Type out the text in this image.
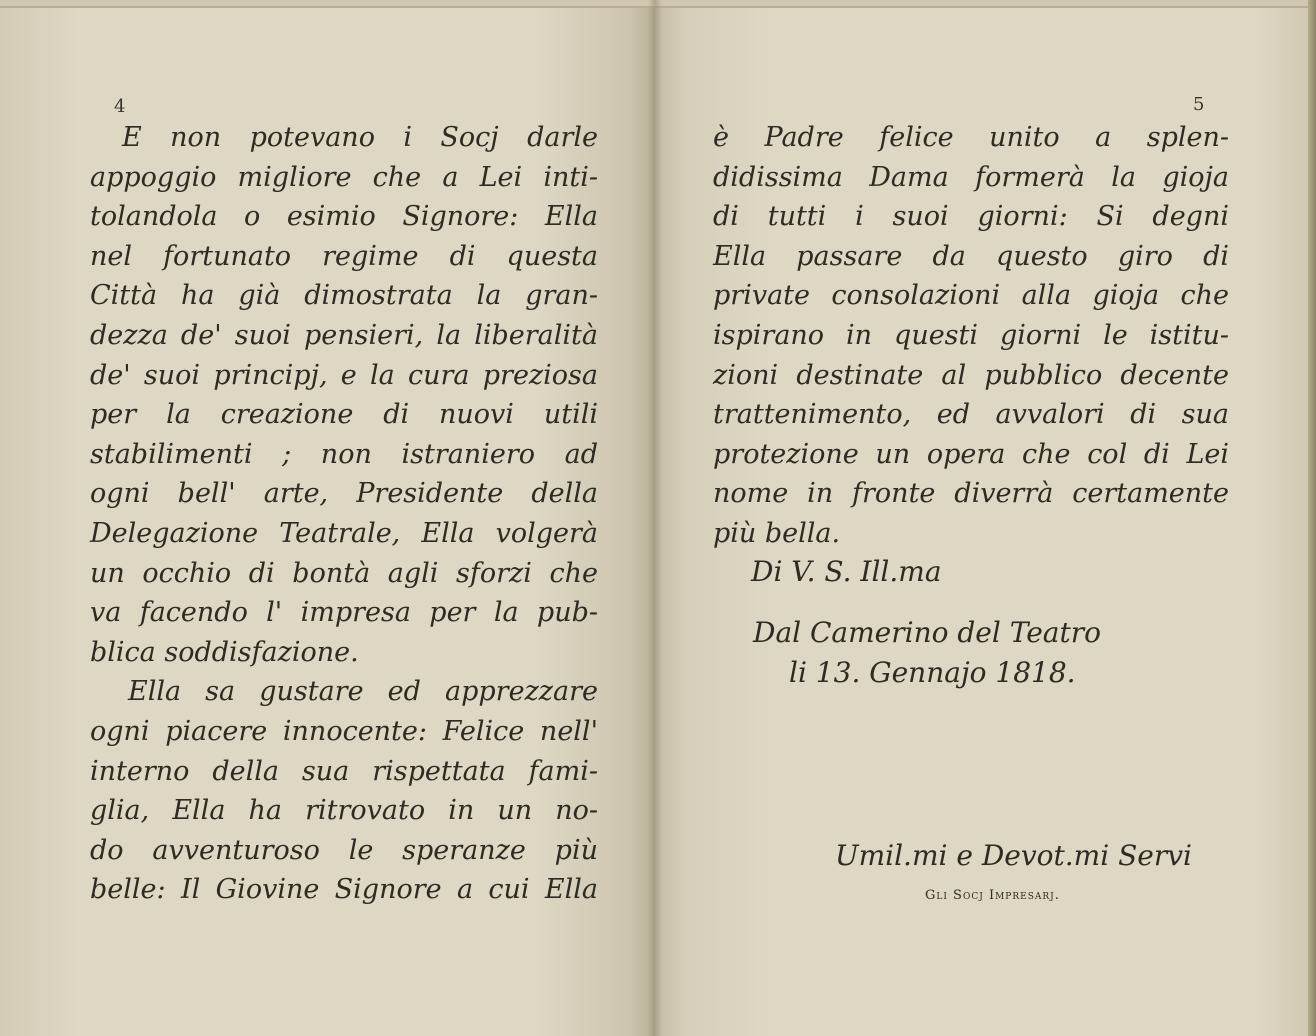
4
E non potevano i Socj darle
appoggio migliore che a Lei inti-
tolandola o esimio Signore: Ella
nel fortunato regime di questa
Città ha già dimostrata la gran-
dezza de' suoi pensieri, la liberalità
de' suoi principj, e la cura preziosa
per la creazione di nuovi utili
stabilimenti ; non istraniero ad
ogni bell' arte, Presidente della
Delegazione Teatrale, Ella volgerà
un occhio di bontà agli sforzi che
va facendo l' impresa per la pub-
blica soddisfazione.
Ella sa gustare ed apprezzare
ogni piacere innocente: Felice nell'
interno della sua rispettata fami-
glia, Ella ha ritrovato in un no-
do avventuroso le speranze più
belle: Il Giovine Signore a cui Ella
5
è Padre felice unito a splen-
didissima Dama formerà la gioja
di tutti i suoi giorni: Si degni
Ella passare da questo giro di
private consolazioni alla gioja che
ispirano in questi giorni le istitu-
zioni destinate al pubblico decente
trattenimento, ed avvalori di sua
protezione un opera che col di Lei
nome in fronte diverrà certamente
più bella.

Di V. S. Ill.ma

Dal Camerino del Teatro

li 13. Gennajo 1818.

Umil.mi e Devot.mi Servi

Gli Socj Impresarj.
